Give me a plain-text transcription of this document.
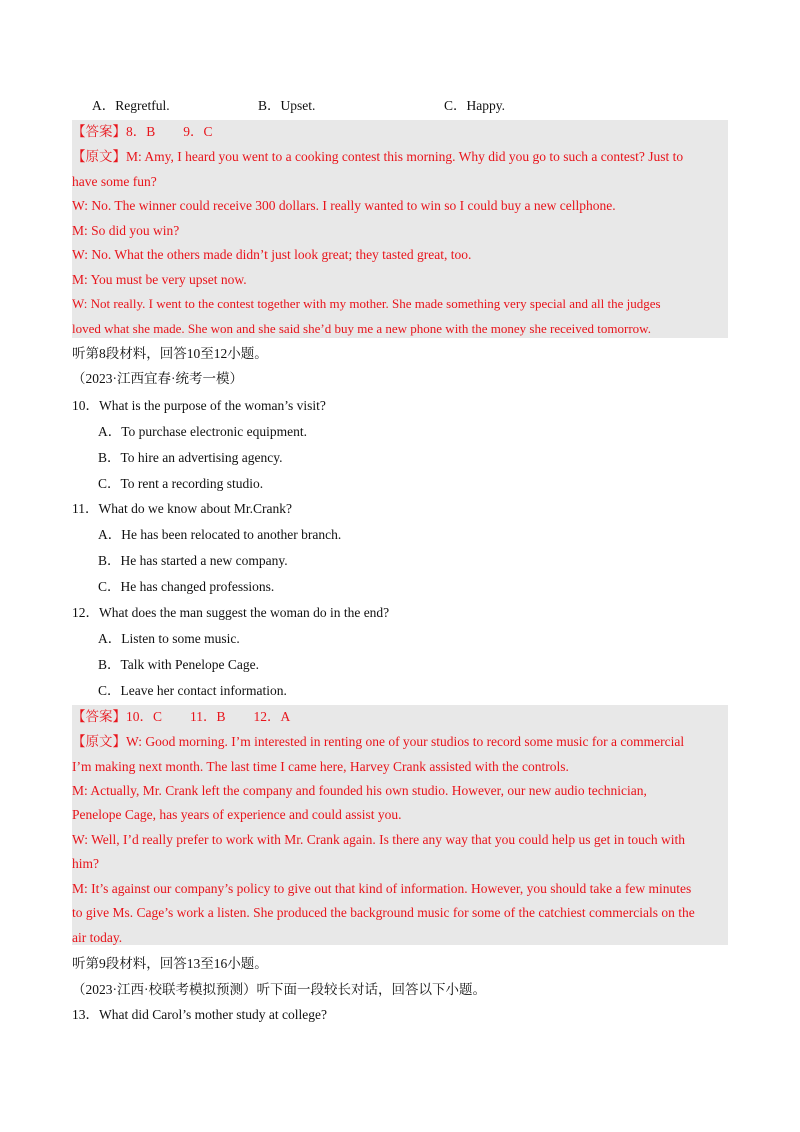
A．Regretful.	B．Upset.	C．Happy.
【答案】8．B 9．C
【原文】M: Amy, I heard you went to a cooking contest this morning. Why did you go to such a contest? Just to
have some fun?
W: No. The winner could receive 300 dollars. I really wanted to win so I could buy a new cellphone.
M: So did you win?
W: No. What the others made didn’t just look great; they tasted great, too.
M: You must be very upset now.
W: Not really. I went to the contest together with my mother. She made something very special and all the judges
loved what she made. She won and she said she’d buy me a new phone with the money she received tomorrow.
听第8段材料，回答10至12小题。
（2023·江西宜春·统考一模）
10．What is the purpose of the woman’s visit?
A．To purchase electronic equipment.
B．To hire an advertising agency.
C．To rent a recording studio.
11．What do we know about Mr.Crank?
A．He has been relocated to another branch.
B．He has started a new company.
C．He has changed professions.
12．What does the man suggest the woman do in the end?
A．Listen to some music.
B．Talk with Penelope Cage.
C．Leave her contact information.
【答案】10．C 11．B 12．A
【原文】W: Good morning. I’m interested in renting one of your studios to record some music for a commercial
I’m making next month. The last time I came here, Harvey Crank assisted with the controls.
M: Actually, Mr. Crank left the company and founded his own studio. However, our new audio technician,
Penelope Cage, has years of experience and could assist you.
W: Well, I’d really prefer to work with Mr. Crank again. Is there any way that you could help us get in touch with
him?
M: It’s against our company’s policy to give out that kind of information. However, you should take a few minutes
to give Ms. Cage’s work a listen. She produced the background music for some of the catchiest commercials on the
air today.
听第9段材料，回答13至16小题。
（2023·江西·校联考模拟预测）听下面一段较长对话，回答以下小题。
13．What did Carol’s mother study at college?
